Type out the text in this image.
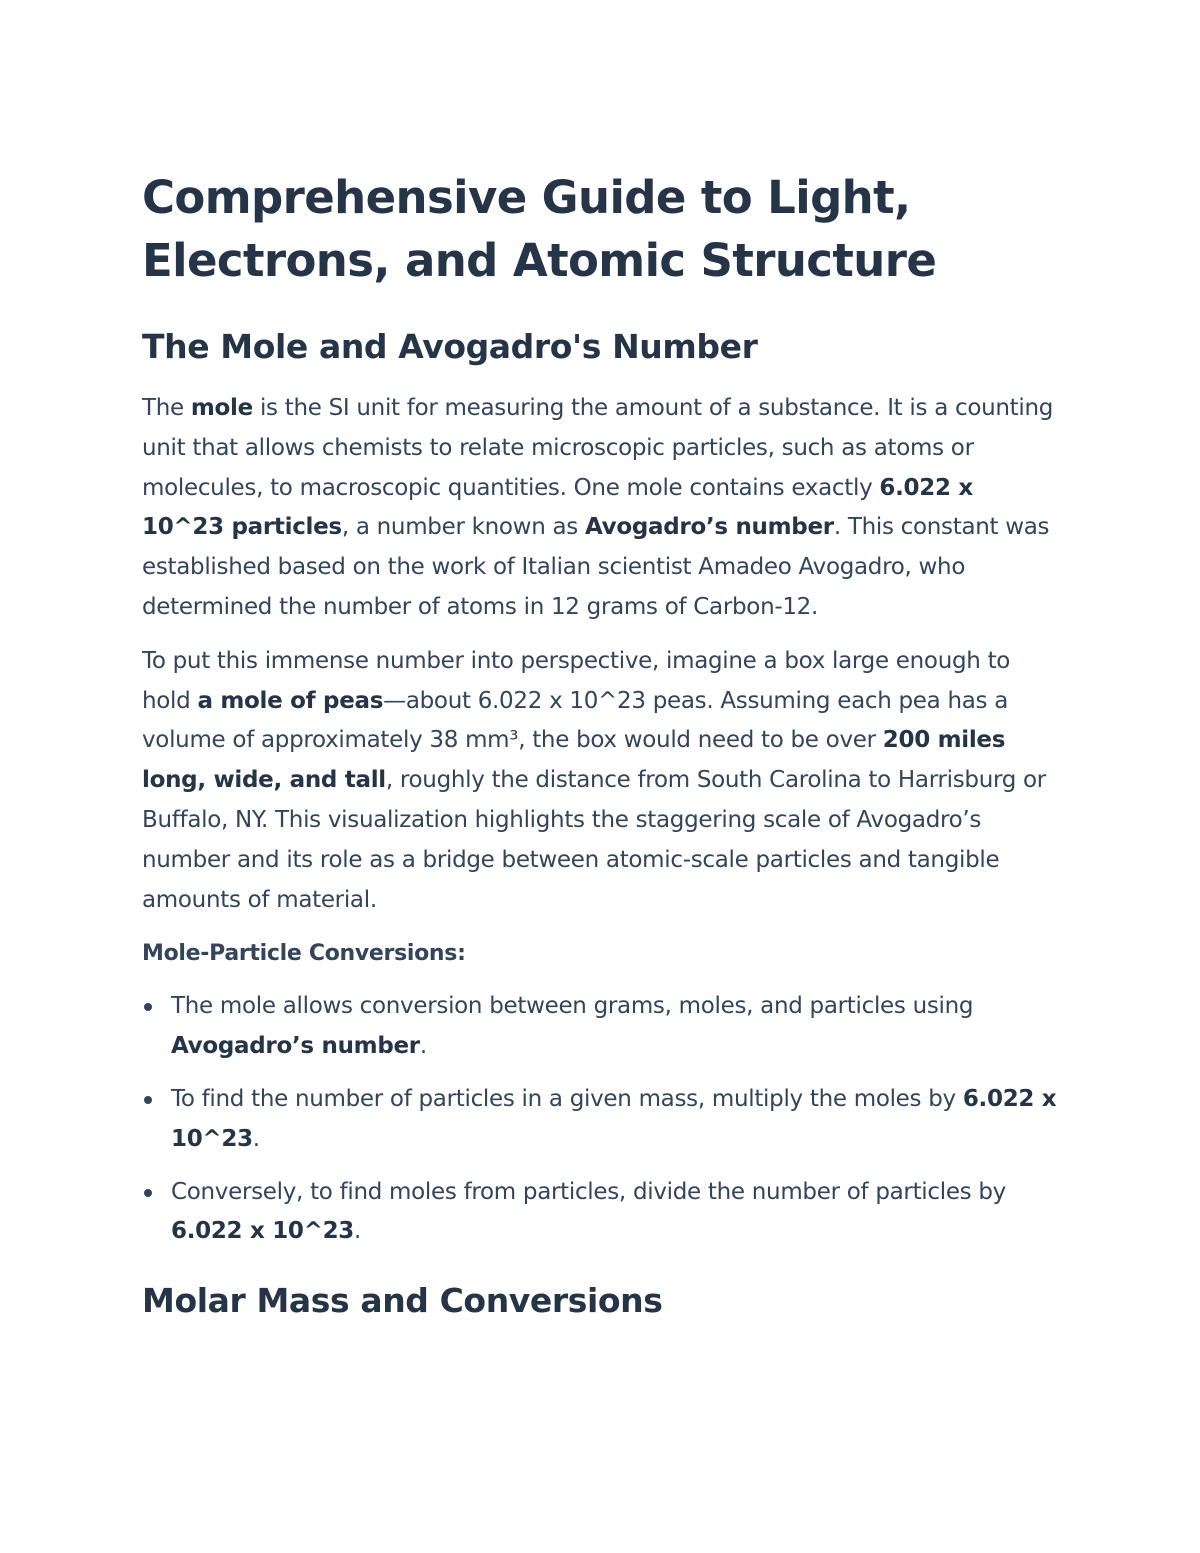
Comprehensive Guide to Light, Electrons, and Atomic Structure
The Mole and Avogadro's Number

The mole is the SI unit for measuring the amount of a substance. It is a counting unit that allows chemists to relate microscopic particles, such as atoms or molecules, to macroscopic quantities. One mole contains exactly 6.022 x 10^23 particles, a number known as Avogadro’s number. This constant was established based on the work of Italian scientist Amadeo Avogadro, who determined the number of atoms in 12 grams of Carbon-12.

To put this immense number into perspective, imagine a box large enough to hold a mole of peas—about 6.022 x 10^23 peas. Assuming each pea has a volume of approximately 38 mm³, the box would need to be over 200 miles long, wide, and tall, roughly the distance from South Carolina to Harrisburg or Buffalo, NY. This visualization highlights the staggering scale of Avogadro’s number and its role as a bridge between atomic-scale particles and tangible amounts of material.

Mole-Particle Conversions:
The mole allows conversion between grams, moles, and particles using Avogadro’s number.
To find the number of particles in a given mass, multiply the moles by 6.022 x 10^23.
Conversely, to find moles from particles, divide the number of particles by 6.022 x 10^23.
Molar Mass and Conversions
